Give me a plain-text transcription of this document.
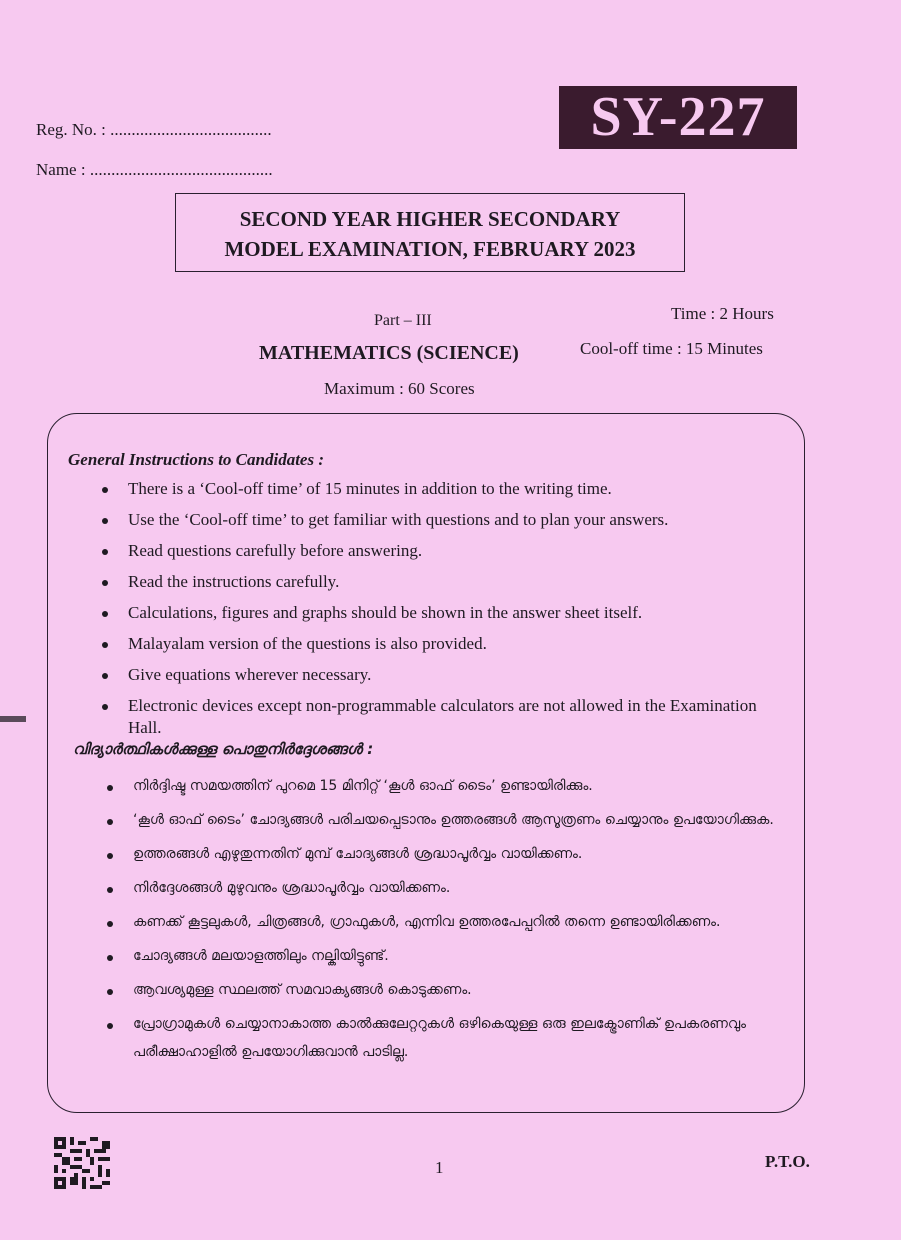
Reg. No. : ......................................
Name : ...........................................
SY-227
SECOND YEAR HIGHER SECONDARY
MODEL EXAMINATION, FEBRUARY 2023
Part – III	Time : 2 Hours
MATHEMATICS (SCIENCE)	Cool-off time : 15 Minutes
Maximum : 60 Scores
General Instructions to Candidates :
There is a ‘Cool-off time’ of 15 minutes in addition to the writing time.
Use the ‘Cool-off time’ to get familiar with questions and to plan your answers.
Read questions carefully before answering.
Read the instructions carefully.
Calculations, figures and graphs should be shown in the answer sheet itself.
Malayalam version of the questions is also provided.
Give equations wherever necessary.
Electronic devices except non-programmable calculators are not allowed in the Examination Hall.
വിദ്യാർത്ഥികൾക്കുള്ള പൊതുനിർദ്ദേശങ്ങൾ :
നിർദ്ദിഷ്ട സമയത്തിന് പുറമെ 15 മിനിറ്റ് ‘കൂൾ ഓഫ് ടൈം’ ഉണ്ടായിരിക്കും.
‘കൂൾ ഓഫ് ടൈം’ ചോദ്യങ്ങൾ പരിചയപ്പെടാനും ഉത്തരങ്ങൾ ആസൂത്രണം ചെയ്യാനും ഉപയോഗിക്കുക.
ഉത്തരങ്ങൾ എഴുതുന്നതിന് മുമ്പ് ചോദ്യങ്ങൾ ശ്രദ്ധാപൂർവ്വം വായിക്കണം.
നിർദ്ദേശങ്ങൾ മുഴുവനും ശ്രദ്ധാപൂർവ്വം വായിക്കണം.
കണക്ക് കൂട്ടലുകൾ, ചിത്രങ്ങൾ, ഗ്രാഫുകൾ, എന്നിവ ഉത്തരപേപ്പറിൽ തന്നെ ഉണ്ടായിരിക്കണം.
ചോദ്യങ്ങൾ മലയാളത്തിലും നല്കിയിട്ടുണ്ട്.
ആവശ്യമുള്ള സ്ഥലത്ത് സമവാക്യങ്ങൾ കൊടുക്കണം.
പ്രോഗ്രാമുകൾ ചെയ്യാനാകാത്ത കാൽക്കുലേറ്ററുകൾ ഒഴികെയുള്ള ഒരു ഇലക്ട്രോണിക് ഉപകരണവും പരീക്ഷാഹാളിൽ ഉപയോഗിക്കുവാൻ പാടില്ല.
1	P.T.O.
